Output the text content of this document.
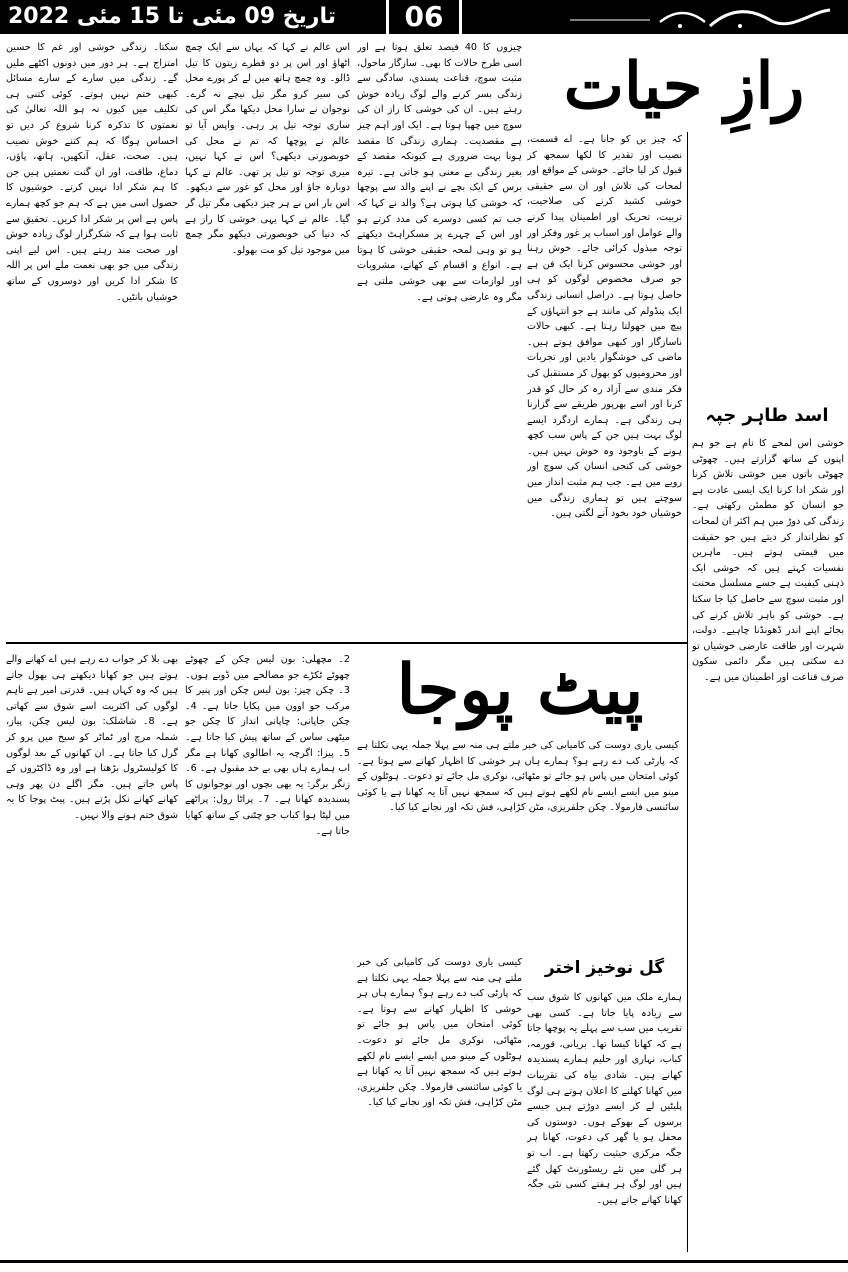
تاریخ 09 مئی تا 15 مئی 2022	06
رازِ حیات
کہ چیز یں کو جانا ہے۔ اے قسمت، نصیب اور تقدیر کا لکھا سمجھ کر قبول کر لیا جائے۔ خوشی کے مواقع اور لمحات کی تلاش اور ان سے حقیقی خوشی کشید کرنے کی صلاحیت، تربیت، تحریک اور اطمینان پیدا کرنے والے عوامل اور اسباب پر غور وفکر اور توجہ مبذول کرائی جائے۔ خوش رہنا اور خوشی محسوس کرنا ایک فن ہے جو صرف مخصوص لوگوں کو ہی حاصل ہوتا ہے۔ دراصل انسانی زندگی ایک پنڈولم کی مانند ہے جو انتہاؤں کے بیچ میں جھولتا رہتا ہے۔ کبھی حالات ناسازگار اور کبھی موافق ہوتے ہیں۔ ماضی کی خوشگوار یادیں اور تجربات اور محرومیوں کو بھول کر مستقبل کی فکر مندی سے آزاد رہ کر حال کو قدر کرنا اور اسے بھرپور طریقے سے گزارنا ہی زندگی ہے۔ ہمارے اردگرد ایسے لوگ بہت ہیں جن کے پاس سب کچھ ہونے کے باوجود وہ خوش نہیں ہیں۔ خوشی کی کنجی انسان کی سوچ اور رویے میں ہے۔ جب ہم مثبت انداز میں سوچتے ہیں تو ہماری زندگی میں خوشیاں خود بخود آنے لگتی ہیں۔
اسد طاہر جپہ
خوشی اس لمحے کا نام ہے جو ہم اپنوں کے ساتھ گزارتے ہیں۔ چھوٹی چھوٹی باتوں میں خوشی تلاش کرنا اور شکر ادا کرنا ایک ایسی عادت ہے جو انسان کو مطمئن رکھتی ہے۔ زندگی کی دوڑ میں ہم اکثر ان لمحات کو نظرانداز کر دیتے ہیں جو حقیقت میں قیمتی ہوتے ہیں۔ ماہرین نفسیات کہتے ہیں کہ خوشی ایک ذہنی کیفیت ہے جسے مسلسل محنت اور مثبت سوچ سے حاصل کیا جا سکتا ہے۔ خوشی کو باہر تلاش کرنے کی بجائے اپنے اندر ڈھونڈنا چاہیے۔ دولت، شہرت اور طاقت عارضی خوشیاں تو دے سکتی ہیں مگر دائمی سکون صرف قناعت اور اطمینان میں ہے۔
چیزوں کا 40 فیصد تعلق ہوتا ہے اور اسی طرح حالات کا بھی۔ سازگار ماحول، مثبت سوچ، قناعت پسندی، سادگی سے زندگی بسر کرنے والے لوگ زیادہ خوش رہتے ہیں۔ ان کی خوشی کا راز ان کی سوچ میں چھپا ہوتا ہے۔ ایک اور اہم چیز ہے مقصدیت۔ ہماری زندگی کا مقصد ہونا بہت ضروری ہے کیونکہ مقصد کے بغیر زندگی بے معنی ہو جاتی ہے۔ تیرہ برس کے ایک بچے نے اپنے والد سے پوچھا کہ خوشی کیا ہوتی ہے؟ والد نے کہا کہ جب تم کسی دوسرے کی مدد کرتے ہو اور اس کے چہرے پر مسکراہٹ دیکھتے ہو تو وہی لمحہ حقیقی خوشی کا ہوتا ہے۔ انواع و اقسام کے کھانے، مشروبات اور لوازمات سے بھی خوشی ملتی ہے مگر وہ عارضی ہوتی ہے۔
اس عالم نے کہا کہ یہاں سے ایک چمچ اٹھاؤ اور اس پر دو قطرے زیتون کا تیل ڈالو۔ وہ چمچ ہاتھ میں لے کر پورے محل کی سیر کرو مگر تیل نیچے نہ گرے۔ نوجوان نے سارا محل دیکھا مگر اس کی ساری توجہ تیل پر رہی۔ واپس آیا تو عالم نے پوچھا کہ تم نے محل کی خوبصورتی دیکھی؟ اس نے کہا نہیں، میری توجہ تو تیل پر تھی۔ عالم نے کہا دوبارہ جاؤ اور محل کو غور سے دیکھو۔ اس بار اس نے ہر چیز دیکھی مگر تیل گر گیا۔ عالم نے کہا یہی خوشی کا راز ہے کہ دنیا کی خوبصورتی دیکھو مگر چمچ میں موجود تیل کو مت بھولو۔
سکتا۔ زندگی خوشی اور غم کا حسین امتزاج ہے۔ ہر دور میں دونوں اکٹھے ملیں گے۔ زندگی میں سارے کے سارے مسائل کبھی ختم نہیں ہوتے۔ کوئی کتنی ہی تکلیف میں کیوں نہ ہو اللہ تعالیٰ کی نعمتوں کا تذکرہ کرنا شروع کر دیں تو احساس ہوگا کہ ہم کتنے خوش نصیب ہیں۔ صحت، عقل، آنکھیں، ہاتھ، پاؤں، دماغ، طاقت، اور ان گنت نعمتیں ہیں جن کا ہم شکر ادا نہیں کرتے۔ خوشیوں کا حصول اسی میں ہے کہ ہم جو کچھ ہمارے پاس ہے اس پر شکر ادا کریں۔ تحقیق سے ثابت ہوا ہے کہ شکرگزار لوگ زیادہ خوش اور صحت مند رہتے ہیں۔ اس لیے اپنی زندگی میں جو بھی نعمت ملے اس پر اللہ کا شکر ادا کریں اور دوسروں کے ساتھ خوشیاں بانٹیں۔
پیٹ پوجا
گل نوخیز اختر
ہمارے ملک میں کھانوں کا شوق سب سے زیادہ پایا جاتا ہے۔ کسی بھی تقریب میں سب سے پہلے یہ پوچھا جاتا ہے کہ کھانا کیسا تھا۔ بریانی، قورمہ، کباب، نہاری اور حلیم ہمارے پسندیدہ کھانے ہیں۔ شادی بیاہ کی تقریبات میں کھانا کھلنے کا اعلان ہوتے ہی لوگ پلیٹیں لے کر ایسے دوڑتے ہیں جیسے برسوں کے بھوکے ہوں۔ دوستوں کی محفل ہو یا گھر کی دعوت، کھانا ہر جگہ مرکزی حیثیت رکھتا ہے۔ اب تو ہر گلی میں نئے ریسٹورنٹ کھل گئے ہیں اور لوگ ہر ہفتے کسی نئی جگہ کھانا کھانے جاتے ہیں۔
کیسی یاری دوست کی کامیابی کی خبر ملتے ہی منہ سے پہلا جملہ یہی نکلتا ہے کہ پارٹی کب دے رہے ہو؟ ہمارے ہاں ہر خوشی کا اظہار کھانے سے ہوتا ہے۔ کوئی امتحان میں پاس ہو جائے تو مٹھائی، نوکری مل جائے تو دعوت۔ ہوٹلوں کے مینو میں ایسے ایسے نام لکھے ہوتے ہیں کہ سمجھ نہیں آتا یہ کھانا ہے یا کوئی سائنسی فارمولا۔ چکن جلفریزی، مٹن کڑاہی، فش تکہ اور نجانے کیا کیا۔
کیسی یاری دوست کی کامیابی کی خبر ملتے ہی منہ سے پہلا جملہ یہی نکلتا ہے کہ پارٹی کب دے رہے ہو؟ ہمارے ہاں ہر خوشی کا اظہار کھانے سے ہوتا ہے۔ کوئی امتحان میں پاس ہو جائے تو مٹھائی، نوکری مل جائے تو دعوت۔ ہوٹلوں کے مینو میں ایسے ایسے نام لکھے ہوتے ہیں کہ سمجھ نہیں آتا یہ کھانا ہے یا کوئی سائنسی فارمولا۔ چکن جلفریزی، مٹن کڑاہی، فش تکہ اور نجانے کیا کیا۔
2۔ مچھلی: بون لیس چکن کے چھوٹے چھوٹے ٹکڑے جو مصالحے میں ڈوبے ہوں۔ 3۔ چکن چیز: بون لیس چکن اور پنیر کا مرکب جو اوون میں پکایا جاتا ہے۔ 4۔ چکن جاپانی: چاپانی انداز کا چکن جو میٹھی ساس کے ساتھ پیش کیا جاتا ہے۔ 5۔ پیزا: اگرچہ یہ اطالوی کھانا ہے مگر اب ہمارے ہاں بھی بے حد مقبول ہے۔ 6۔ زنگر برگر: یہ بھی بچوں اور نوجوانوں کا پسندیدہ کھانا ہے۔ 7۔ پراٹا رول: پراٹھے میں لپٹا ہوا کباب جو چٹنی کے ساتھ کھایا جاتا ہے۔
بھی بلا کر جواب دے رہے ہیں اے کھانے والے ہوتے ہیں جو کھانا دیکھتے ہی بھول جاتے ہیں کہ وہ کہاں ہیں۔ قدرتی امیر ہے تاہم لوگوں کی اکثریت اسے شوق سے کھاتی ہے۔ 8۔ شاشلک: بون لیس چکن، پیاز، شملہ مرچ اور ٹماٹر کو سیخ میں پرو کر گرل کیا جاتا ہے۔ ان کھانوں کے بعد لوگوں کا کولیسٹرول بڑھتا ہے اور وہ ڈاکٹروں کے پاس جاتے ہیں۔ مگر اگلے دن پھر وہی کھانے کھانے نکل پڑتے ہیں۔ پیٹ پوجا کا یہ شوق ختم ہونے والا نہیں۔
